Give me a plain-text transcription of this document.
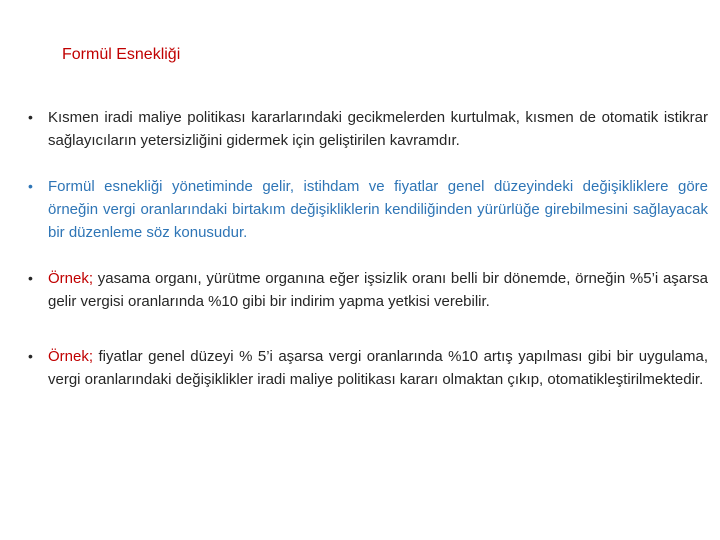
Formül Esnekliği
• Kısmen iradi maliye politikası kararlarındaki gecikmelerden kurtulmak, kısmen de otomatik istikrar sağlayıcıların yetersizliğini gidermek için geliştirilen kavramdır.
• Formül esnekliği yönetiminde gelir, istihdam ve fiyatlar genel düzeyindeki değişikliklere göre örneğin vergi oranlarındaki birtakım değişikliklerin kendiliğinden yürürlüğe girebilmesini sağlayacak bir düzenleme söz konusudur.
• Örnek; yasama organı, yürütme organına eğer işsizlik oranı belli bir dönemde, örneğin %5’i aşarsa gelir vergisi oranlarında %10 gibi bir indirim yapma yetkisi verebilir.
• Örnek; fiyatlar genel düzeyi % 5’i aşarsa vergi oranlarında %10 artış yapılması gibi bir uygulama, vergi oranlarındaki değişiklikler iradi maliye politikası kararı olmaktan çıkıp, otomatikleştirilmektedir.
